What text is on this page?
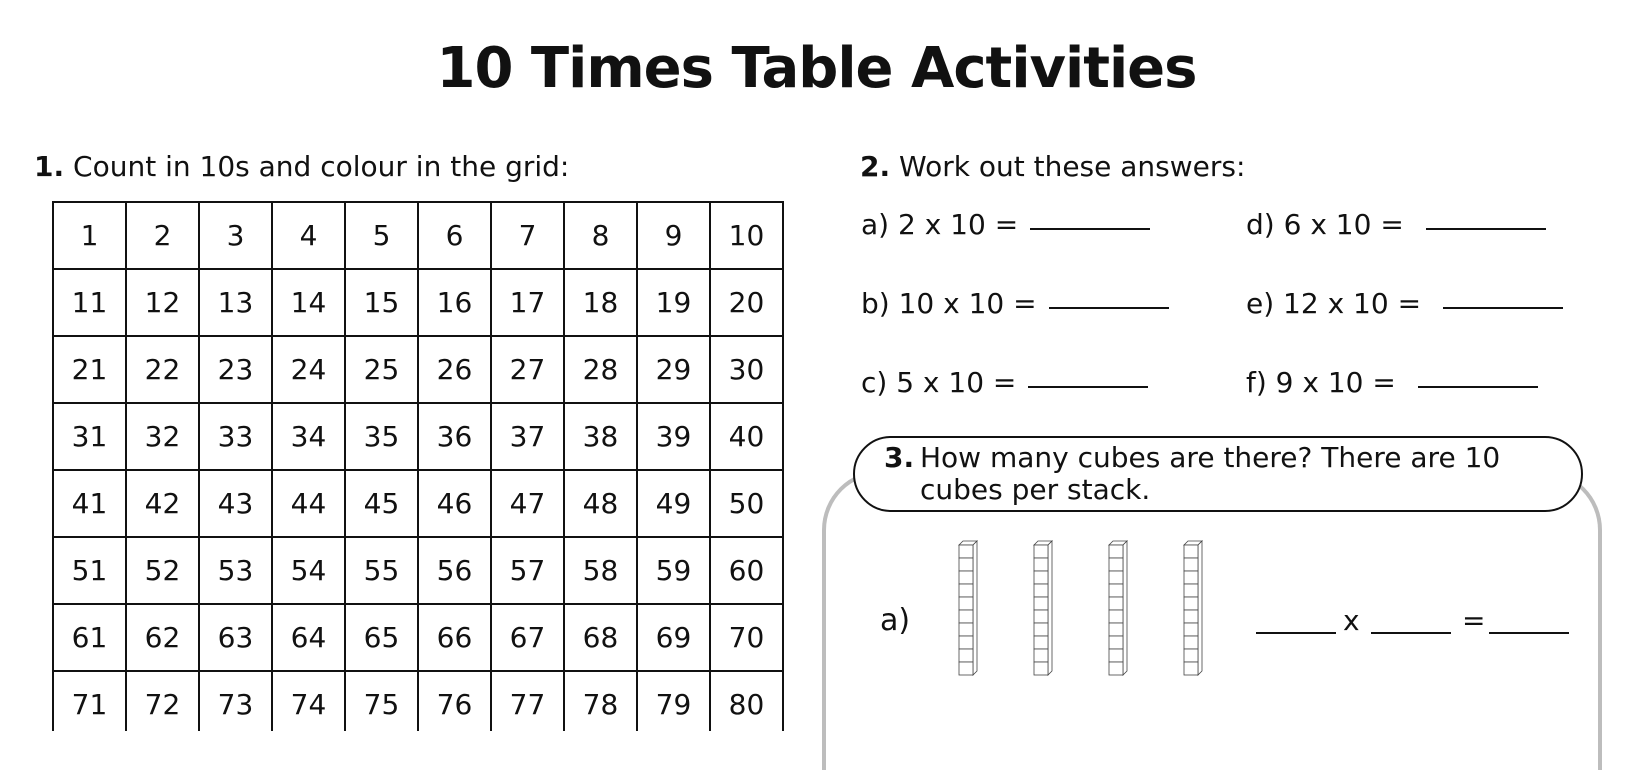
10 Times Table Activities
1. Count in 10s and colour in the grid:
1	2	3	4	5	6	7	8	9	10
11	12	13	14	15	16	17	18	19	20
21	22	23	24	25	26	27	28	29	30
31	32	33	34	35	36	37	38	39	40
41	42	43	44	45	46	47	48	49	50
51	52	53	54	55	56	57	58	59	60
61	62	63	64	65	66	67	68	69	70
71	72	73	74	75	76	77	78	79	80
2. Work out these answers:
a) 2 x 10 =	d) 6 x 10 =
b) 10 x 10 =	e) 12 x 10 =
c) 5 x 10 =	f) 9 x 10 =
3. How many cubes are there? There are 10 cubes per stack.
a)	x	=
